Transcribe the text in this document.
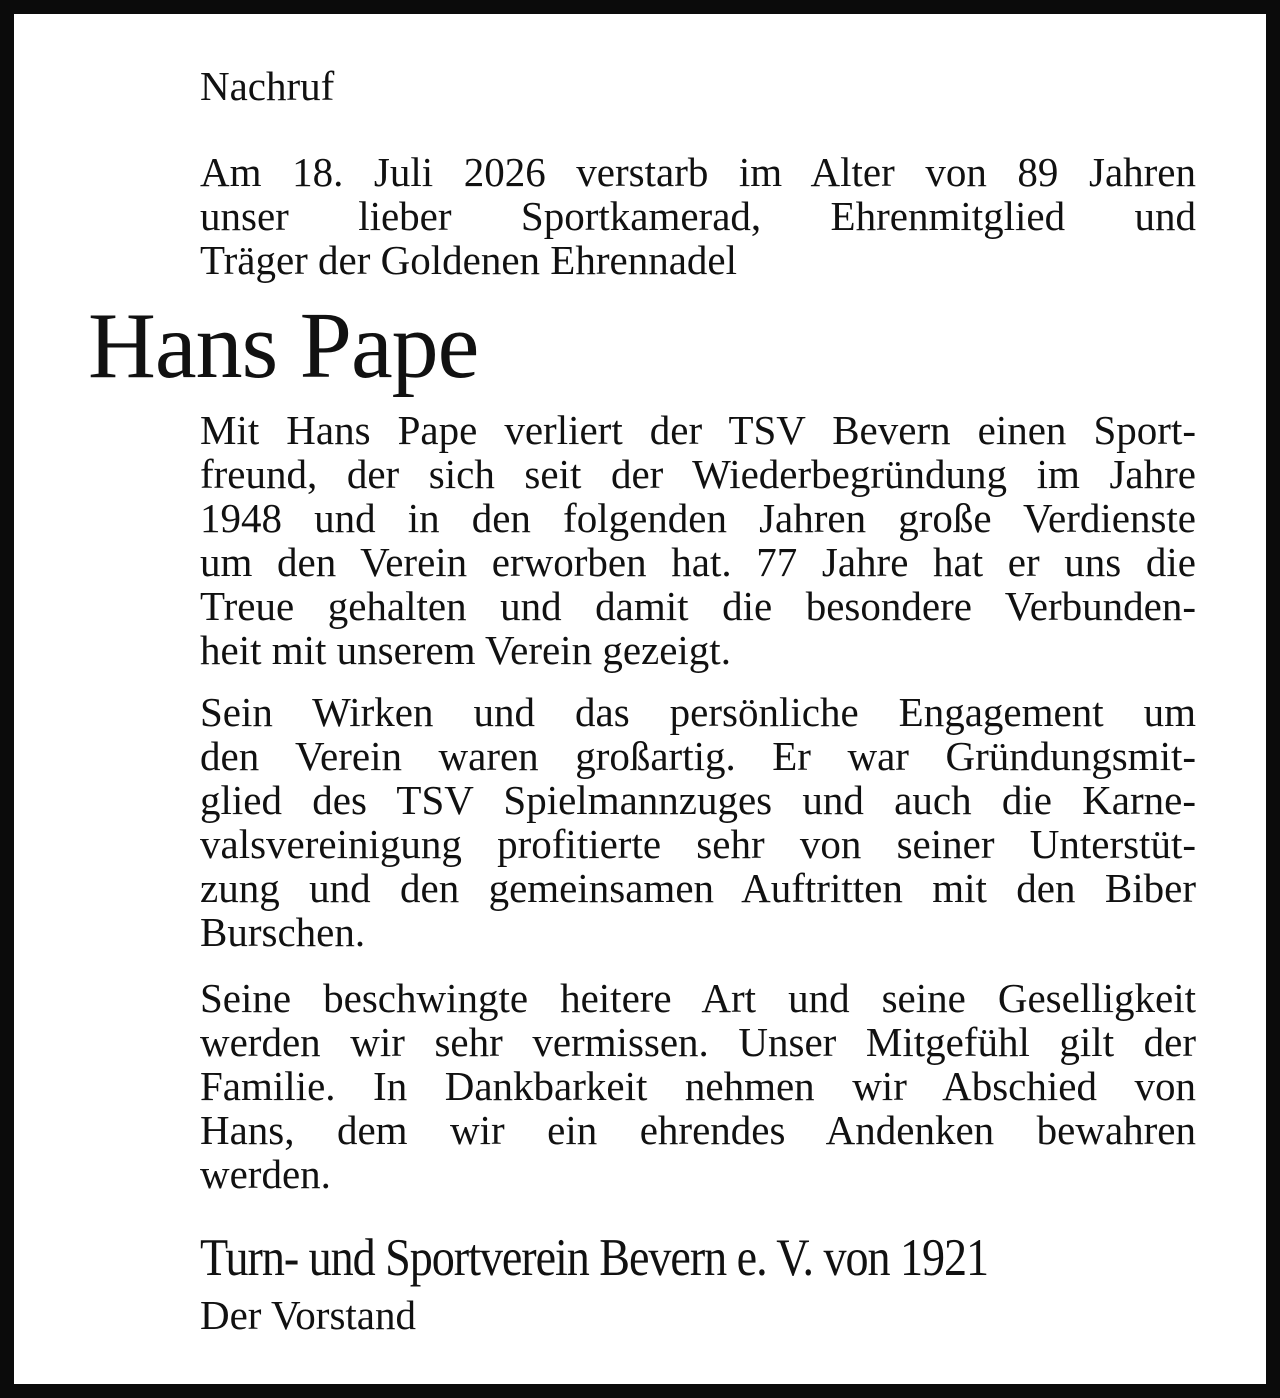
Nachruf
Am 18. Juli 2026 verstarb im Alter von 89 Jahren
unser lieber Sportkamerad, Ehrenmitglied und
Träger der Goldenen Ehrennadel
Hans Pape
Mit Hans Pape verliert der TSV Bevern einen Sport-
freund, der sich seit der Wiederbegründung im Jahre
1948 und in den folgenden Jahren große Verdienste
um den Verein erworben hat. 77 Jahre hat er uns die
Treue gehalten und damit die besondere Verbunden-
heit mit unserem Verein gezeigt.
Sein Wirken und das persönliche Engagement um
den Verein waren großartig. Er war Gründungsmit-
glied des TSV Spielmannzuges und auch die Karne-
valsvereinigung profitierte sehr von seiner Unterstüt-
zung und den gemeinsamen Auftritten mit den Biber
Burschen.
Seine beschwingte heitere Art und seine Geselligkeit
werden wir sehr vermissen. Unser Mitgefühl gilt der
Familie. In Dankbarkeit nehmen wir Abschied von
Hans, dem wir ein ehrendes Andenken bewahren
werden.
Turn- und Sportverein Bevern e. V. von 1921
Der Vorstand
